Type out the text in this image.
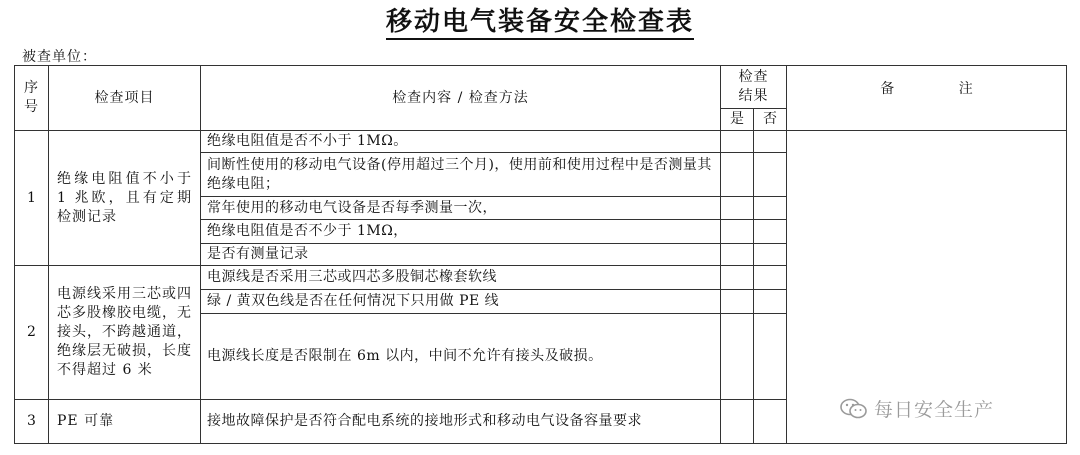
移动电气装备安全检查表
被查单位：
序号	检查项目	检查内容 / 检查方法	检查结果		备 注
			是	否	
1	绝缘电阻值不小于 1 兆欧，且有定期检测记录	绝缘电阻值是否不小于 1MΩ。			
		间断性使用的移动电气设备(停用超过三个月)，使用前和使用过程中是否测量其绝缘电阻；			
		常年使用的移动电气设备是否每季测量一次，			
		绝缘电阻值是否不少于 1MΩ，			
		是否有测量记录			
2	电源线采用三芯或四芯多股橡胶电缆，无接头，不跨越通道，绝缘层无破损，长度不得超过 6 米	电源线是否采用三芯或四芯多股铜芯橡套软线			
		绿 / 黄双色线是否在任何情况下只用做 PE 线			
		电源线长度是否限制在 6m 以内，中间不允许有接头及破损。			
3	PE 可靠	接地故障保护是否符合配电系统的接地形式和移动电气设备容量要求				每日安全生产
